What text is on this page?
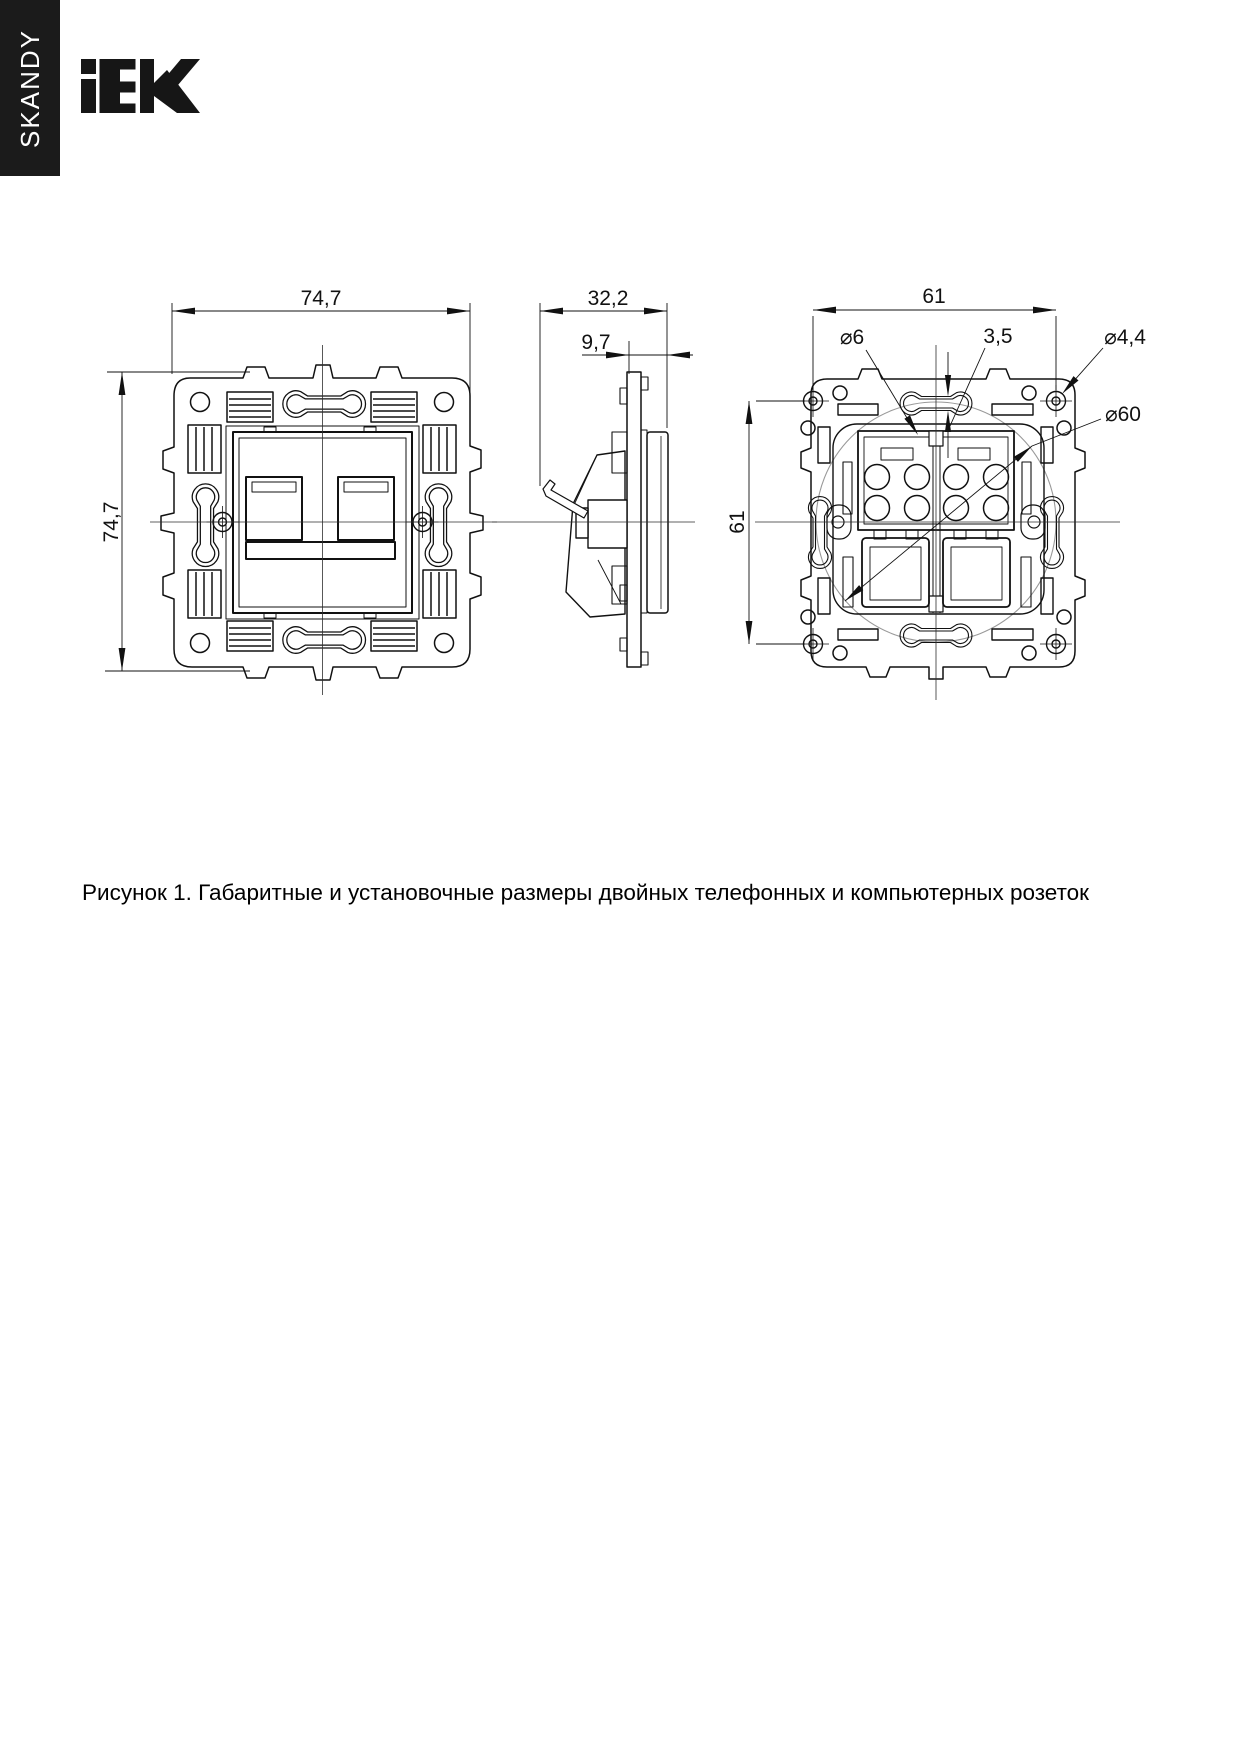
SKANDY
74,7
74,7
32,2
9,7
61
61
⌀6	3,5	⌀4,4
⌀60
Рисунок 1. Габаритные и установочные размеры двойных телефонных и компьютерных розеток
